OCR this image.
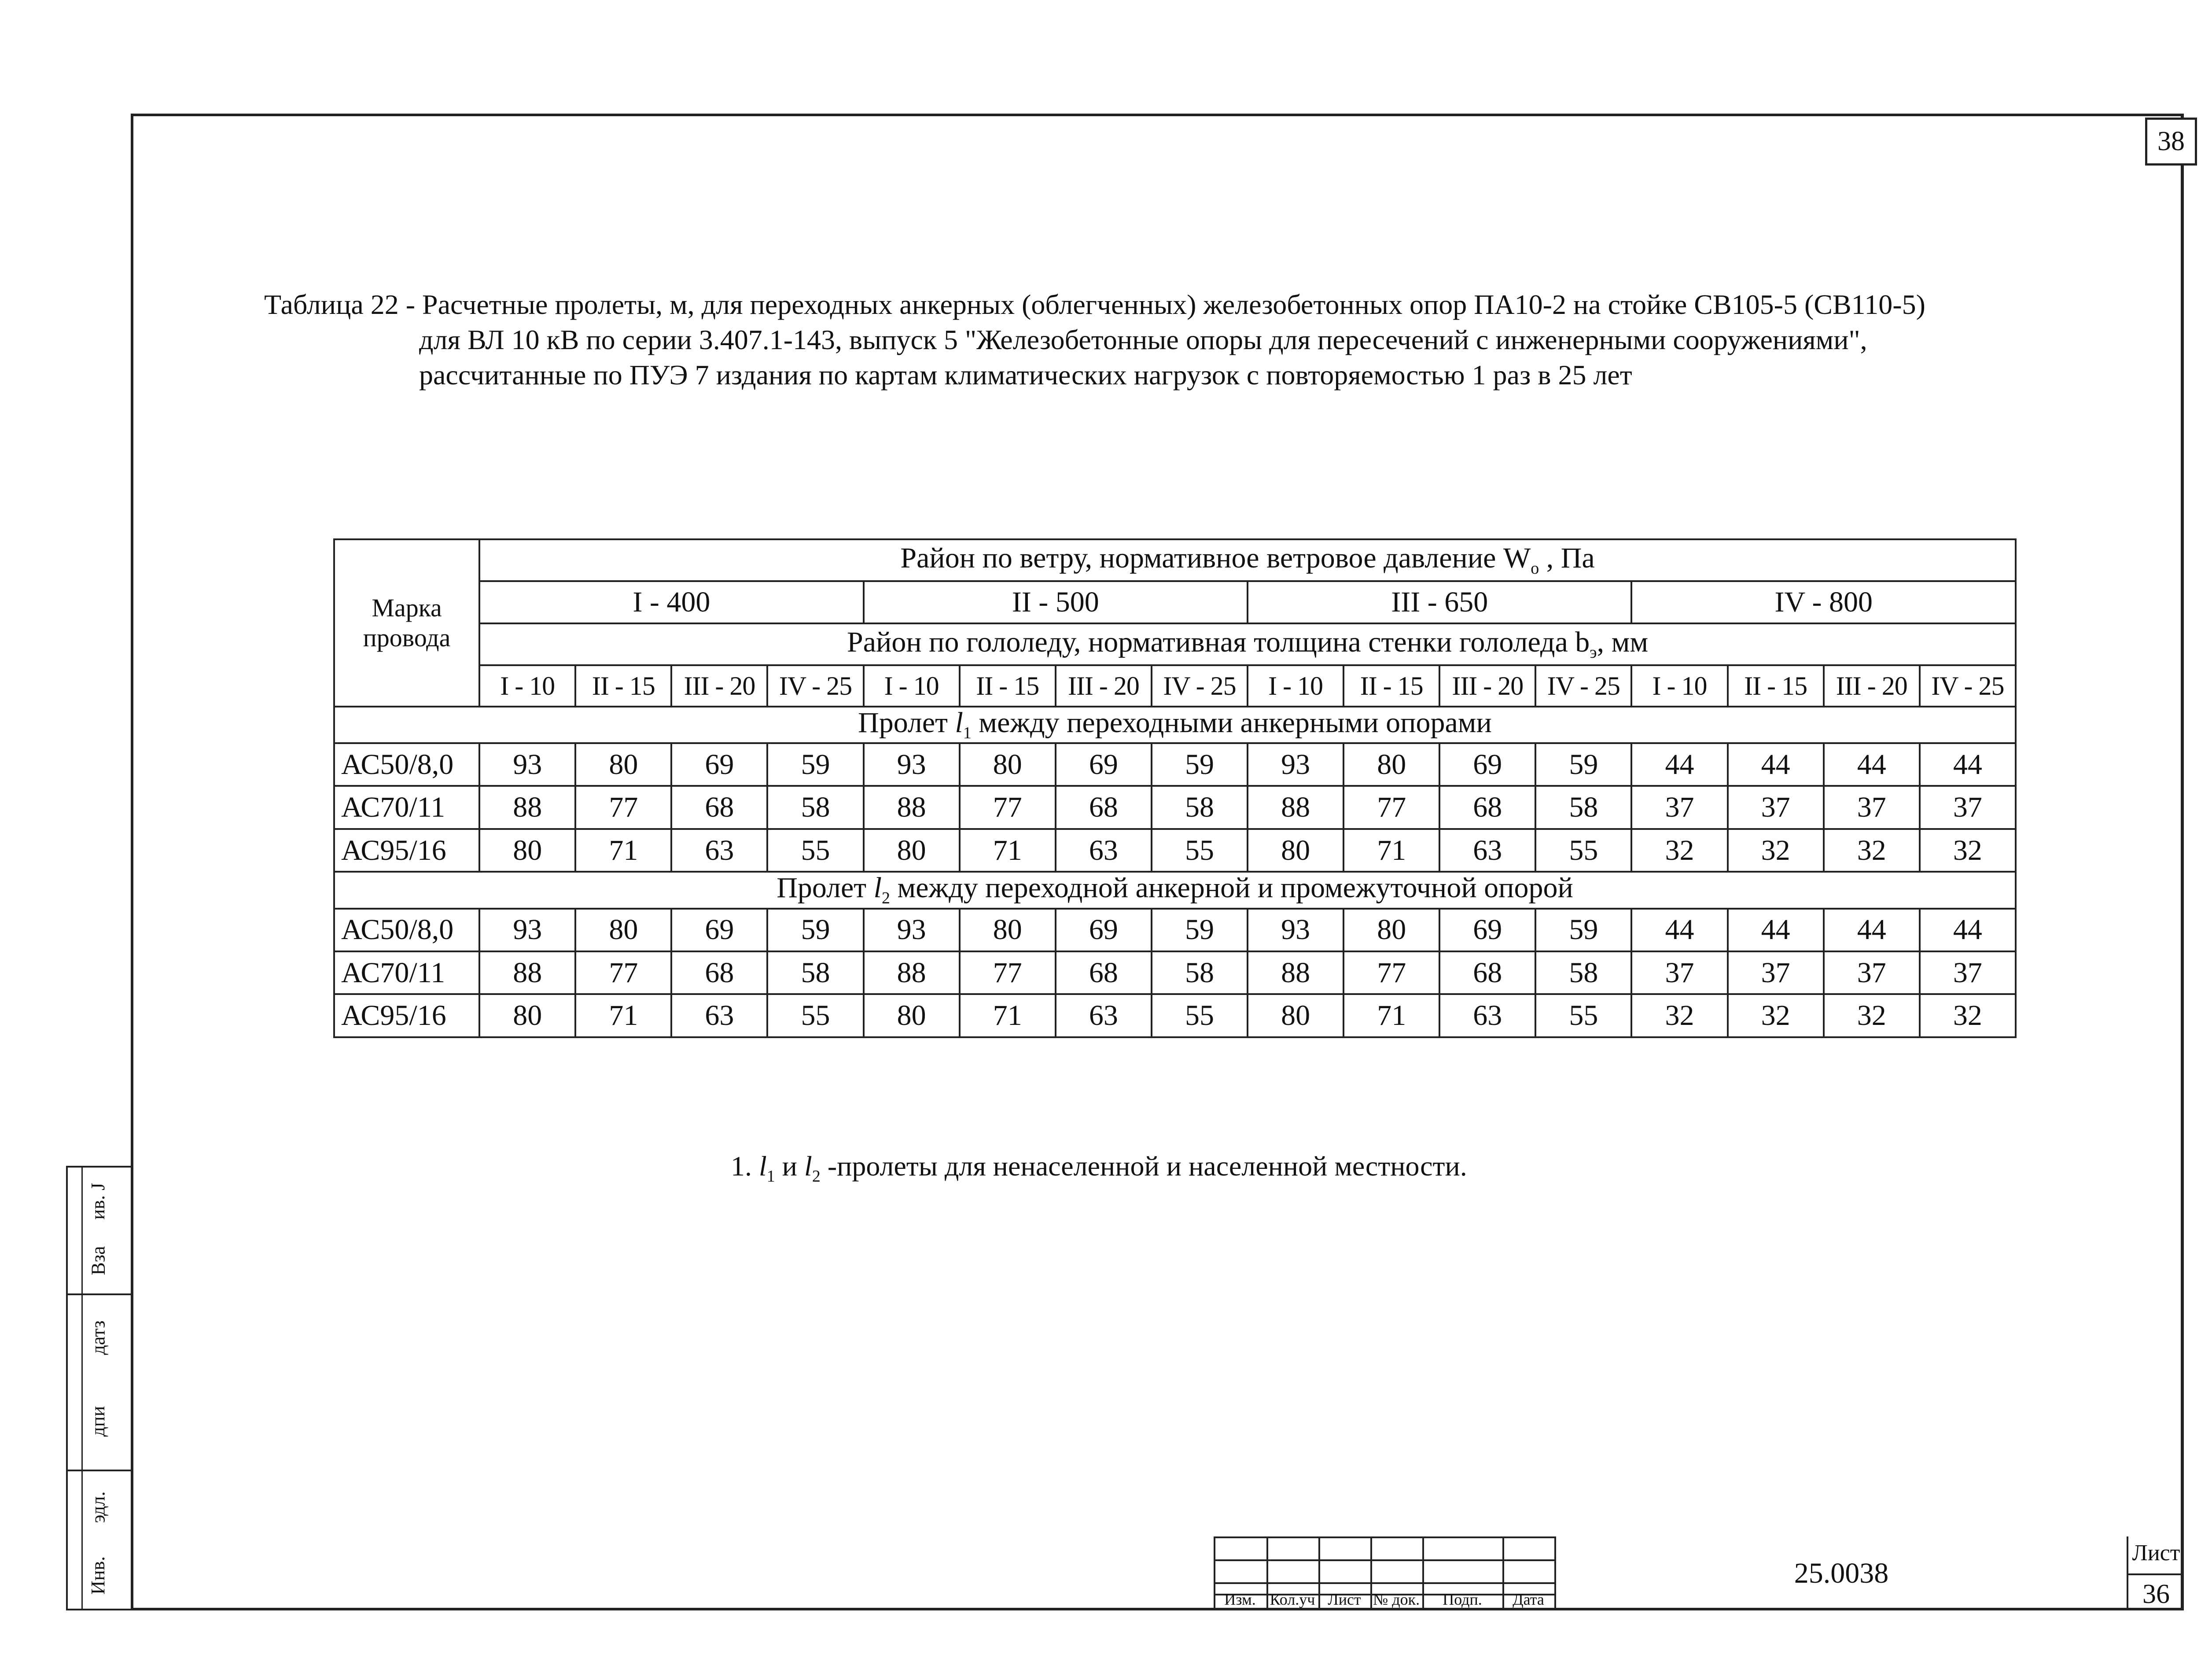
38
Таблица 22 - Расчетные пролеты, м, для переходных анкерных (облегченных) железобетонных опор ПА10-2 на стойке СВ105-5 (СВ110-5)
для ВЛ 10 кВ по серии 3.407.1-143, выпуск 5 "Железобетонные опоры для пересечений с инженерными сооружениями",
рассчитанные по ПУЭ 7 издания по картам климатических нагрузок с повторяемостью 1 раз в 25 лет
Марка провода	Район по ветру, нормативное ветровое давление $W_о$ , Па															
	I - 400				II - 500				III - 650				IV - 800			
	Район по гололеду, нормативная толщина стенки гололеда $b_э$, мм															
	I - 10	II - 15	III - 20	IV - 25	I - 10	II - 15	III - 20	IV - 25	I - 10	II - 15	III - 20	IV - 25	I - 10	II - 15	III - 20	IV - 25
Пролет $l_1$ между переходными анкерными опорами																
АС50/8,0	93	80	69	59	93	80	69	59	93	80	69	59	44	44	44	44
АС70/11	88	77	68	58	88	77	68	58	88	77	68	58	37	37	37	37
АС95/16	80	71	63	55	80	71	63	55	80	71	63	55	32	32	32	32
Пролет $l_2$ между переходной анкерной и промежуточной опорой																
АС50/8,0	93	80	69	59	93	80	69	59	93	80	69	59	44	44	44	44
АС70/11	88	77	68	58	88	77	68	58	88	77	68	58	37	37	37	37
АС95/16	80	71	63	55	80	71	63	55	80	71	63	55	32	32	32	32
1. $l_1$ и $l_2$ -пролеты для ненаселенной и населенной местности.
ив. Ј
Вза
датз
дпи
эдл.
Инв.
Изм. Кол.уч Лист № док.	Подп.	Дата
25.0038
Лист
36
